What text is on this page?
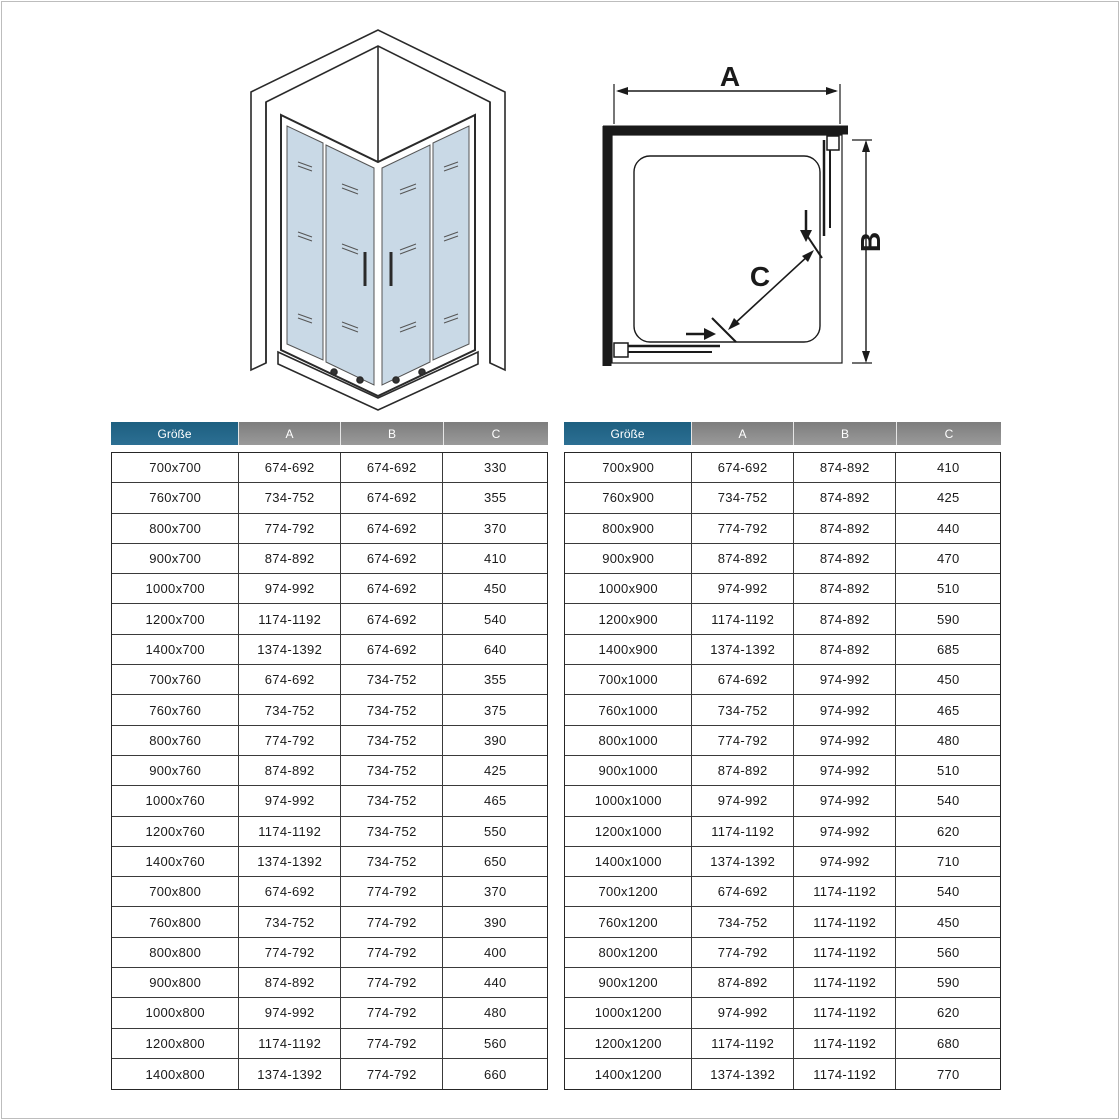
A
B
C
Größe	A	B	C
700x700	674-692	674-692	330
760x700	734-752	674-692	355
800x700	774-792	674-692	370
900x700	874-892	674-692	410
1000x700	974-992	674-692	450
1200x700	1174-1192	674-692	540
1400x700	1374-1392	674-692	640
700x760	674-692	734-752	355
760x760	734-752	734-752	375
800x760	774-792	734-752	390
900x760	874-892	734-752	425
1000x760	974-992	734-752	465
1200x760	1174-1192	734-752	550
1400x760	1374-1392	734-752	650
700x800	674-692	774-792	370
760x800	734-752	774-792	390
800x800	774-792	774-792	400
900x800	874-892	774-792	440
1000x800	974-992	774-792	480
1200x800	1174-1192	774-792	560
1400x800	1374-1392	774-792	660
Größe	A	B	C
700x900	674-692	874-892	410
760x900	734-752	874-892	425
800x900	774-792	874-892	440
900x900	874-892	874-892	470
1000x900	974-992	874-892	510
1200x900	1174-1192	874-892	590
1400x900	1374-1392	874-892	685
700x1000	674-692	974-992	450
760x1000	734-752	974-992	465
800x1000	774-792	974-992	480
900x1000	874-892	974-992	510
1000x1000	974-992	974-992	540
1200x1000	1174-1192	974-992	620
1400x1000	1374-1392	974-992	710
700x1200	674-692	1174-1192	540
760x1200	734-752	1174-1192	450
800x1200	774-792	1174-1192	560
900x1200	874-892	1174-1192	590
1000x1200	974-992	1174-1192	620
1200x1200	1174-1192	1174-1192	680
1400x1200	1374-1392	1174-1192	770
